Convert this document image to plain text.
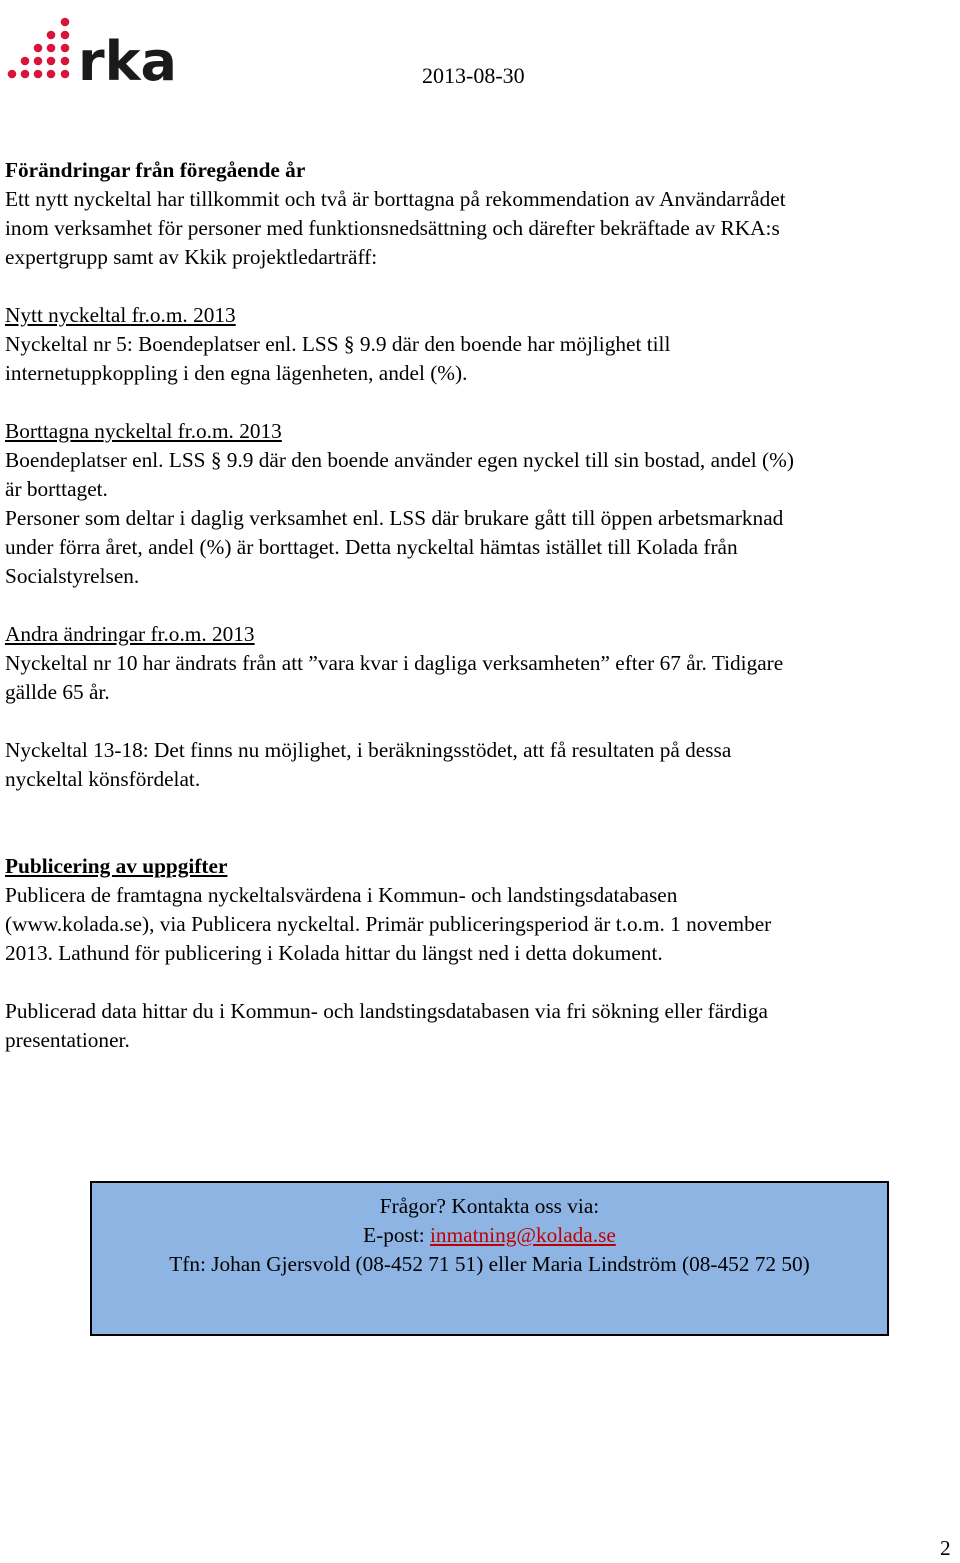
rka	2013-08-30
Förändringar från föregående år

Ett nytt nyckeltal har tillkommit och två är borttagna på rekommendation av Användarrådet

inom verksamhet för personer med funktionsnedsättning och därefter bekräftade av RKA:s

expertgrupp samt av Kkik projektledarträff:

Nytt nyckeltal fr.o.m. 2013

Nyckeltal nr 5: Boendeplatser enl. LSS § 9.9 där den boende har möjlighet till

internetuppkoppling i den egna lägenheten, andel (%).

Borttagna nyckeltal fr.o.m. 2013

Boendeplatser enl. LSS § 9.9 där den boende använder egen nyckel till sin bostad, andel (%)

är borttaget.

Personer som deltar i daglig verksamhet enl. LSS där brukare gått till öppen arbetsmarknad

under förra året, andel (%) är borttaget. Detta nyckeltal hämtas istället till Kolada från

Socialstyrelsen.

Andra ändringar fr.o.m. 2013

Nyckeltal nr 10 har ändrats från att ”vara kvar i dagliga verksamheten” efter 67 år. Tidigare

gällde 65 år.

Nyckeltal 13-18: Det finns nu möjlighet, i beräkningsstödet, att få resultaten på dessa

nyckeltal könsfördelat.

Publicering av uppgifter

Publicera de framtagna nyckeltalsvärdena i Kommun- och landstingsdatabasen

(www.kolada.se), via Publicera nyckeltal. Primär publiceringsperiod är t.o.m. 1 november

2013. Lathund för publicering i Kolada hittar du längst ned i detta dokument.

Publicerad data hittar du i Kommun- och landstingsdatabasen via fri sökning eller färdiga

presentationer.

Frågor? Kontakta oss via:
E-post: inmatning@kolada.se
Tfn: Johan Gjersvold (08-452 71 51) eller Maria Lindström (08-452 72 50)
2
